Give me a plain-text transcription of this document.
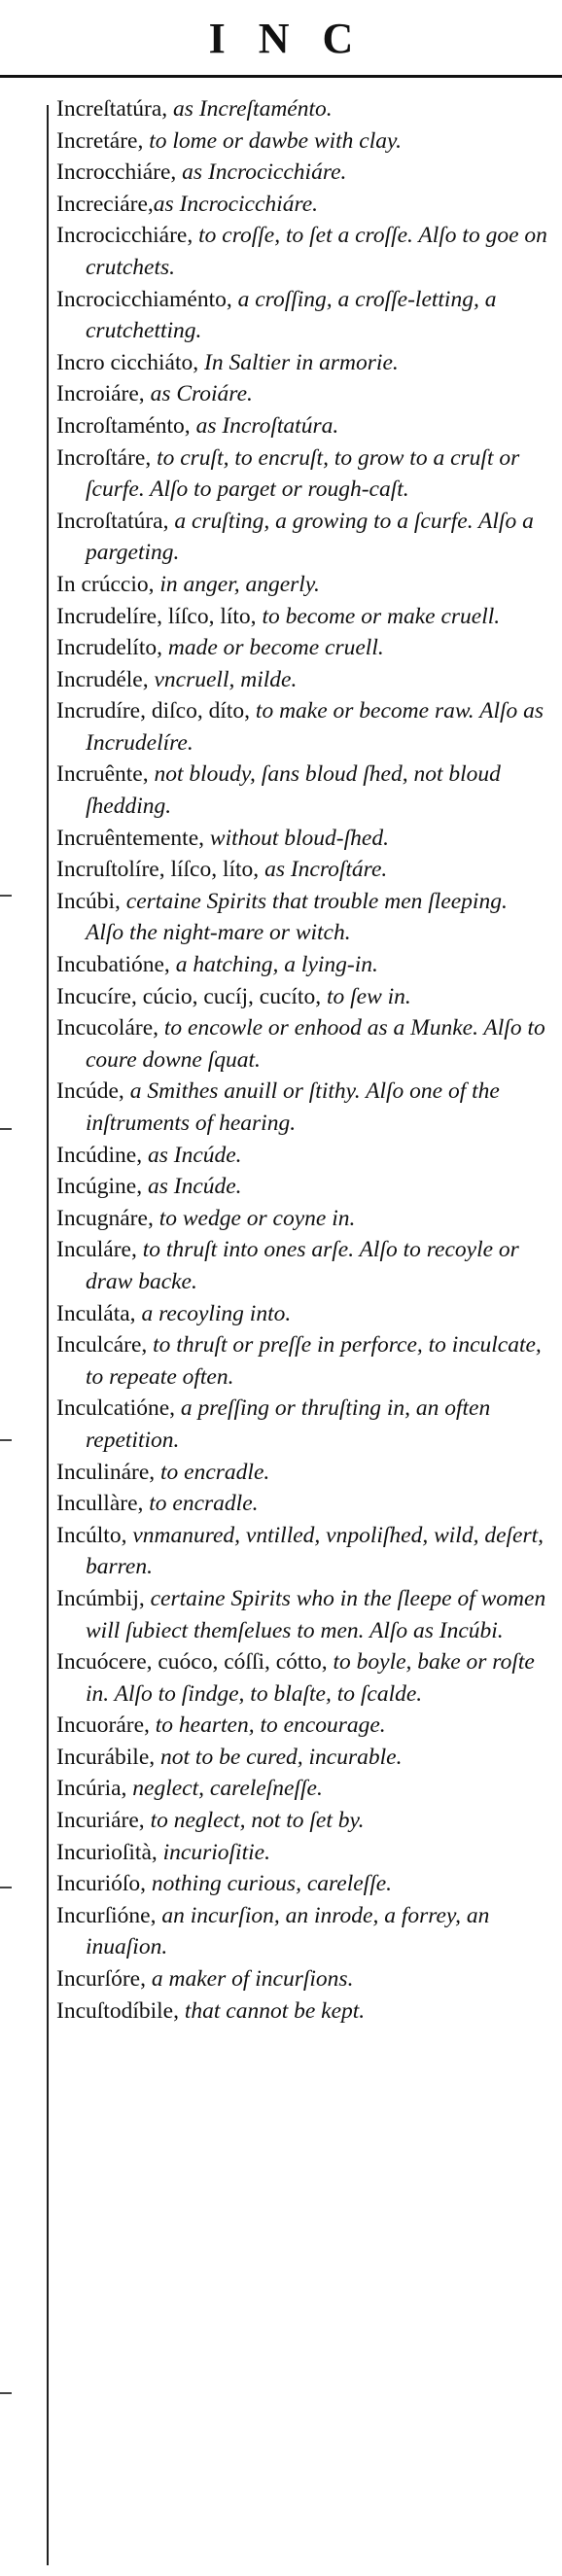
INC

Increſtatúra, as Increſtaménto.

Incretáre, to lome or dawbe with clay.

Incrocchiáre, as Incrocicchiáre.

Increciáre,as Incrocicchiáre.

Incrocicchiáre, to croſſe, to ſet a croſſe. Alſo to goe on crutchets.

Incrocicchiaménto, a croſſing, a croſſe-letting, a crutchetting.

Incro cicchiáto, In Saltier in armorie.

Incroiáre, as Croiáre.

Incroſtaménto, as Incroſtatúra.

Incroſtáre, to cruſt, to encruſt, to grow to a cruſt or ſcurfe. Alſo to parget or rough-caſt.

Incroſtatúra, a cruſting, a growing to a ſcurfe. Alſo a pargeting.

In crúccio, in anger, angerly.

Incrudelíre, líſco, líto, to become or make cruell.

Incrudelíto, made or become cruell.

Incrudéle, vncruell, milde.

Incrudíre, diſco, díto, to make or become raw. Alſo as Incrudelíre.

Incruênte, not bloudy, ſans bloud ſhed, not bloud ſhedding.

Incruêntemente, without bloud-ſhed.

Incruſtolíre, líſco, líto, as Incroſtáre.

Incúbi, certaine Spirits that trouble men ſleeping. Alſo the night-mare or witch.

Incubatióne, a hatching, a lying-in.

Incucíre, cúcio, cucíj, cucíto, to ſew in.

Incucoláre, to encowle or enhood as a Munke. Alſo to coure downe ſquat.

Incúde, a Smithes anuill or ſtithy. Alſo one of the inſtruments of hearing.

Incúdine, as Incúde.

Incúgine, as Incúde.

Incugnáre, to wedge or coyne in.

Inculáre, to thruſt into ones arſe. Alſo to recoyle or draw backe.

Inculáta, a recoyling into.

Inculcáre, to thruſt or preſſe in perforce, to inculcate, to repeate often.

Inculcatióne, a preſſing or thruſting in, an often repetition.

Inculináre, to encradle.

Incullàre, to encradle.

Incúlto, vnmanured, vntilled, vnpoliſhed, wild, deſert, barren.

Incúmbij, certaine Spirits who in the ſleepe of women will ſubiect themſelues to men. Alſo as Incúbi.

Incuócere, cuóco, cóſſi, cótto, to boyle, bake or roſte in. Alſo to ſindge, to blaſte, to ſcalde.

Incuoráre, to hearten, to encourage.

Incurábile, not to be cured, incurable.

Incúria, neglect, careleſneſſe.

Incuriáre, to neglect, not to ſet by.

Incurioſità, incurioſitie.

Incurióſo, nothing curious, careleſſe.

Incurſióne, an incurſion, an inrode, a forrey, an inuaſion.

Incurſóre, a maker of incurſions.

Incuſtodíbile, that cannot be kept.
